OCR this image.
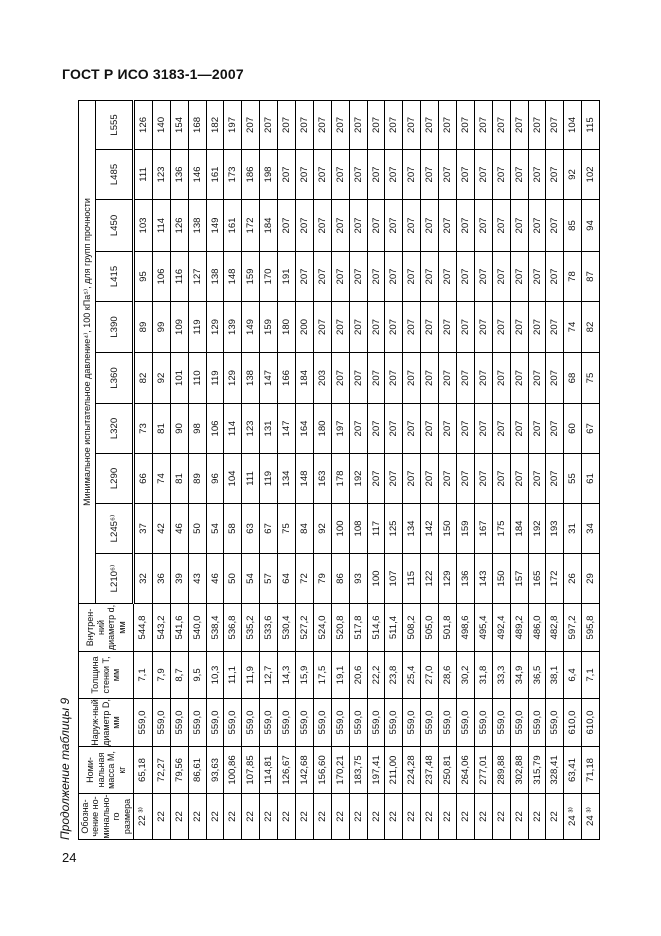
ГОСТ Р ИСО 3183-1—2007
Продолжение таблицы 9 Обозна-чение но-минально-го размера	Номи-нальная масса M, кг	Наруж-ный диаметр D, мм	Толщина стенки T, мм	Внутрен-ний диаметр d, мм	Минимальное испытательное давление⁴⁾, 100 кПа⁵⁾, для групп прочности									
					L210⁶⁾	L245⁶⁾	L290	L320	L360	L390	L415	L450	L485	L555
22 ³⁾	65,18	559,0	7,1	544,8	32	37	66	73	82	89	95	103	111	126
22	72,27	559,0	7,9	543,2	36	42	74	81	92	99	106	114	123	140
22	79,56	559,0	8,7	541,6	39	46	81	90	101	109	116	126	136	154
22	86,61	559,0	9,5	540,0	43	50	89	98	110	119	127	138	146	168
22	93,63	559,0	10,3	538,4	46	54	96	106	119	129	138	149	161	182
22	100,86	559,0	11,1	536,8	50	58	104	114	129	139	148	161	173	197
22	107,85	559,0	11,9	535,2	54	63	111	123	138	149	159	172	186	207
22	114,81	559,0	12,7	533,6	57	67	119	131	147	159	170	184	198	207
22	126,67	559,0	14,3	530,4	64	75	134	147	166	180	191	207	207	207
22	142,68	559,0	15,9	527,2	72	84	148	164	184	200	207	207	207	207
22	156,60	559,0	17,5	524,0	79	92	163	180	203	207	207	207	207	207
22	170,21	559,0	19,1	520,8	86	100	178	197	207	207	207	207	207	207
22	183,75	559,0	20,6	517,8	93	108	192	207	207	207	207	207	207	207
22	197,41	559,0	22,2	514,6	100	117	207	207	207	207	207	207	207	207
22	211,00	559,0	23,8	511,4	107	125	207	207	207	207	207	207	207	207
22	224,28	559,0	25,4	508,2	115	134	207	207	207	207	207	207	207	207
22	237,48	559,0	27,0	505,0	122	142	207	207	207	207	207	207	207	207
22	250,81	559,0	28,6	501,8	129	150	207	207	207	207	207	207	207	207
22	264,06	559,0	30,2	498,6	136	159	207	207	207	207	207	207	207	207
22	277,01	559,0	31,8	495,4	143	167	207	207	207	207	207	207	207	207
22	289,88	559,0	33,3	492,4	150	175	207	207	207	207	207	207	207	207
22	302,88	559,0	34,9	489,2	157	184	207	207	207	207	207	207	207	207
22	315,79	559,0	36,5	486,0	165	192	207	207	207	207	207	207	207	207
22	328,41	559,0	38,1	482,8	172	193	207	207	207	207	207	207	207	207
24 ³⁾	63,41	610,0	6,4	597,2	26	31	55	60	68	74	78	85	92	104
24 ³⁾	71,18	610,0	7,1	595,8	29	34	61	67	75	82	87	94	102	115
24
